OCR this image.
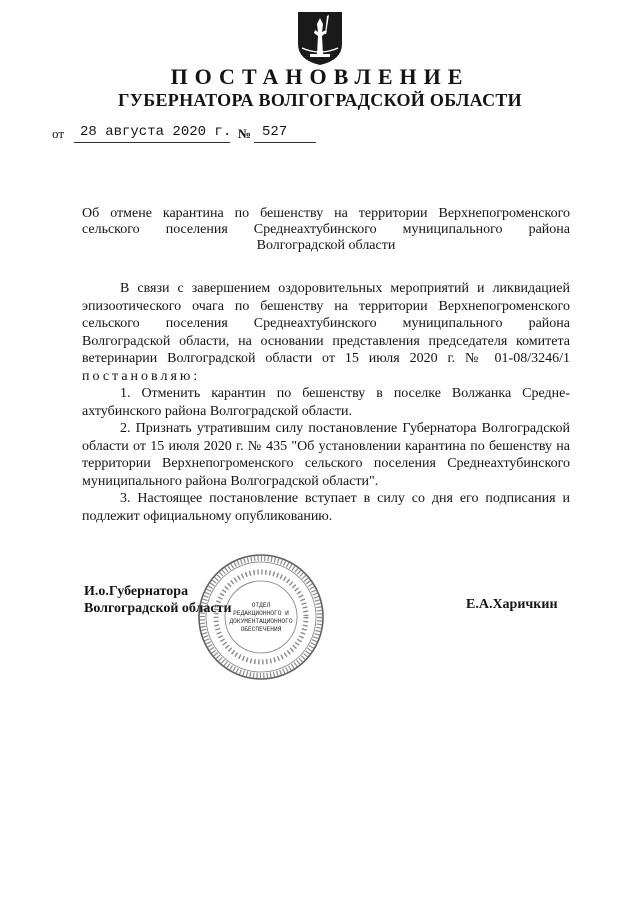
ПОСТАНОВЛЕНИЕ
ГУБЕРНАТОРА ВОЛГОГРАДСКОЙ ОБЛАСТИ
от 28 августа 2020 г. № 527
Об отмене карантина по бешенству на территории Верхнепогроменского сельского поселения Среднеахтубинского муниципального района Волгоградской области

В связи с завершением оздоровительных мероприятий и ликвидацией эпизоотического очага по бешенству на территории Верхнепогроменского сельского поселения Среднеахтубинского муниципального района Волгоградской области, на основании представления председателя комитета ветеринарии Волгоградской области от 15 июля 2020 г. № 01-08/3246/1 постановляю:

1. Отменить карантин по бешенству в поселке Волжанка Средне-ахтубинского района Волгоградской области.

2. Признать утратившим силу постановление Губернатора Волгоградской области от 15 июля 2020 г. № 435 "Об установлении карантина по бешенству на территории Верхнепогроменского сельского поселения Среднеахтубинского муниципального района Волгоградской области".

3. Настоящее постановление вступает в силу со дня его подписания и подлежит официальному опубликованию.

И.о.Губернатора
Волгоградской области	Е.А.Харичкин
ОТДЕЛ
РЕДАКЦИОННОГО И
ДОКУМЕНТАЦИОННОГО
ОБЕСПЕЧЕНИЯ
